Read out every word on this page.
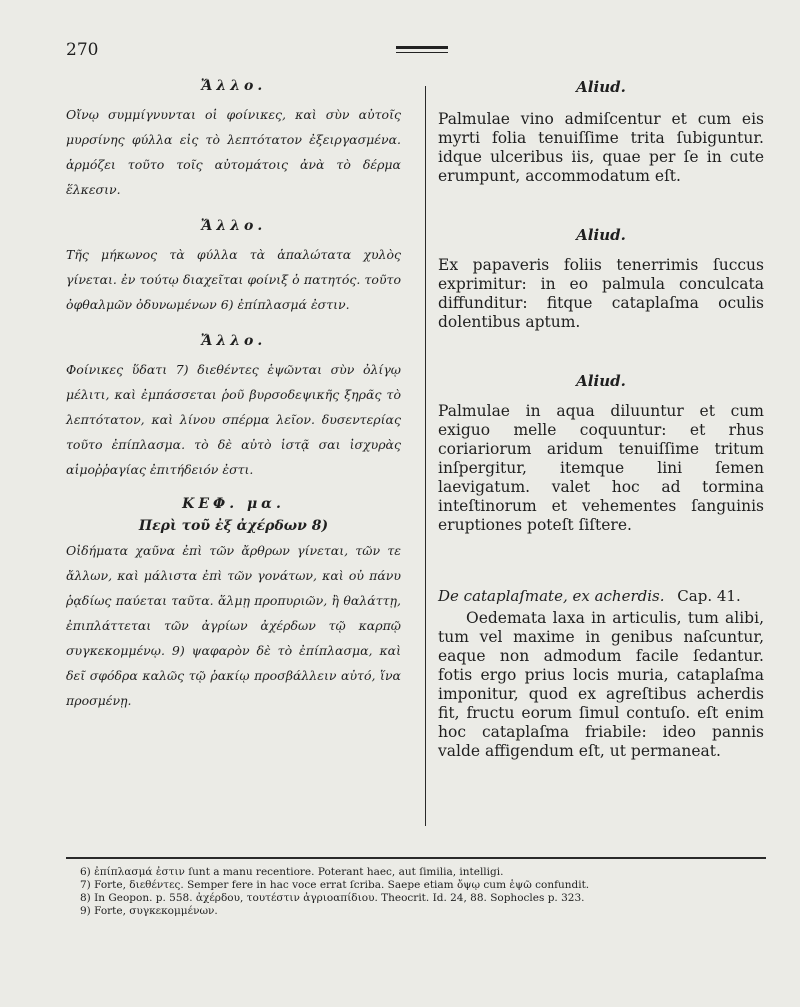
270
Ἄλλο.

Οἴνῳ συμμίγνυνται οἱ φοίνικες, καὶ σὺν αὐτοῖς μυρσίνης φύλλα εἰς τὸ λεπτότατον ἐξειργασμένα. ἁρμόζει τοῦτο τοῖς αὐτομάτοις ἀνὰ τὸ δέρμα ἕλκεσιν.

Ἄλλο.

Τῆς μήκωνος τὰ φύλλα τὰ ἁπαλώτατα χυλὸς γίνεται. ἐν τούτῳ διαχεῖται φοίνιξ ὁ πατητός. τοῦτο ὀφθαλμῶν ὀδυνωμένων 6) ἐπίπλασμά ἐστιν.

Ἄλλο.

Φοίνικες ὕδατι 7) διεθέντες ἑψῶνται σὺν ὀλίγῳ μέλιτι, καὶ ἐμπάσσεται ῥοῦ βυρσοδεψικῆς ξηρᾶς τὸ λεπτότατον, καὶ λίνου σπέρμα λεῖον. δυσεντερίας τοῦτο ἐπίπλασμα. τὸ δὲ αὐτὸ ἱστᾷ σαι ἰσχυρὰς αἱμοῤῥαγίας ἐπιτήδειόν ἐστι.

ΚΕΦ. μα.
Περὶ τοῦ ἐξ ἀχέρδων 8)

Οἰδήματα χαῦνα ἐπὶ τῶν ἄρθρων γίνεται, τῶν τε ἄλλων, καὶ μάλιστα ἐπὶ τῶν γονάτων, καὶ οὐ πάνυ ῥᾳδίως παύεται ταῦτα. ἅλμῃ προπυριῶν, ἢ θαλάττῃ, ἐπιπλάττεται τῶν ἀγρίων ἀχέρδων τῷ καρπῷ συγκεκομμένῳ. 9) ψαφαρὸν δὲ τὸ ἐπίπλασμα, καὶ δεῖ σφόδρα καλῶς τῷ ῥακίῳ προσβάλλειν αὐτό, ἵνα προσμένῃ.

Aliud.

Palmulae vino admiſcentur et cum eis myrti folia tenuiſſime trita ſubiguntur. idque ulceribus iis, quae per ſe in cute erumpunt, accommodatum eſt.

Aliud.

Ex papaveris foliis tenerrimis ſuccus exprimitur: in eo palmula conculcata diffunditur: fitque cataplaſma oculis dolentibus aptum.

Aliud.

Palmulae in aqua diluuntur et cum exiguo melle coquuntur: et rhus coriariorum aridum tenuiſſime tritum inſpergitur, itemque lini ſemen laevigatum. valet hoc ad tormina inteſtinorum et vehementes ſanguinis eruptiones poteſt ſiſtere.

De cataplaſmate, ex acherdis. Cap. 41.

Oedemata laxa in articulis, tum alibi, tum vel maxime in genibus naſcuntur, eaque non admodum facile ſedantur. fotis ergo prius locis muria, cataplaſma imponitur, quod ex agreſtibus acherdis fit, fructu eorum ſimul contuſo. eſt enim hoc cataplaſma friabile: ideo pannis valde affigendum eſt, ut permaneat.

6) ἐπίπλασμά ἐστιν ſunt a manu recentiore. Poterant haec, aut ſimilia, intelligi.
7) Forte, διεθέντες. Semper fere in hac voce errat ſcriba. Saepe etiam ὄψῳ cum ἑψῶ confundit.
8) In Geopon. p. 558. ἀχέρδου, τουτέστιν ἀγριοαπίδιου. Theocrit. Id. 24, 88. Sophocles p. 323.
9) Forte, συγκεκομμένων.
